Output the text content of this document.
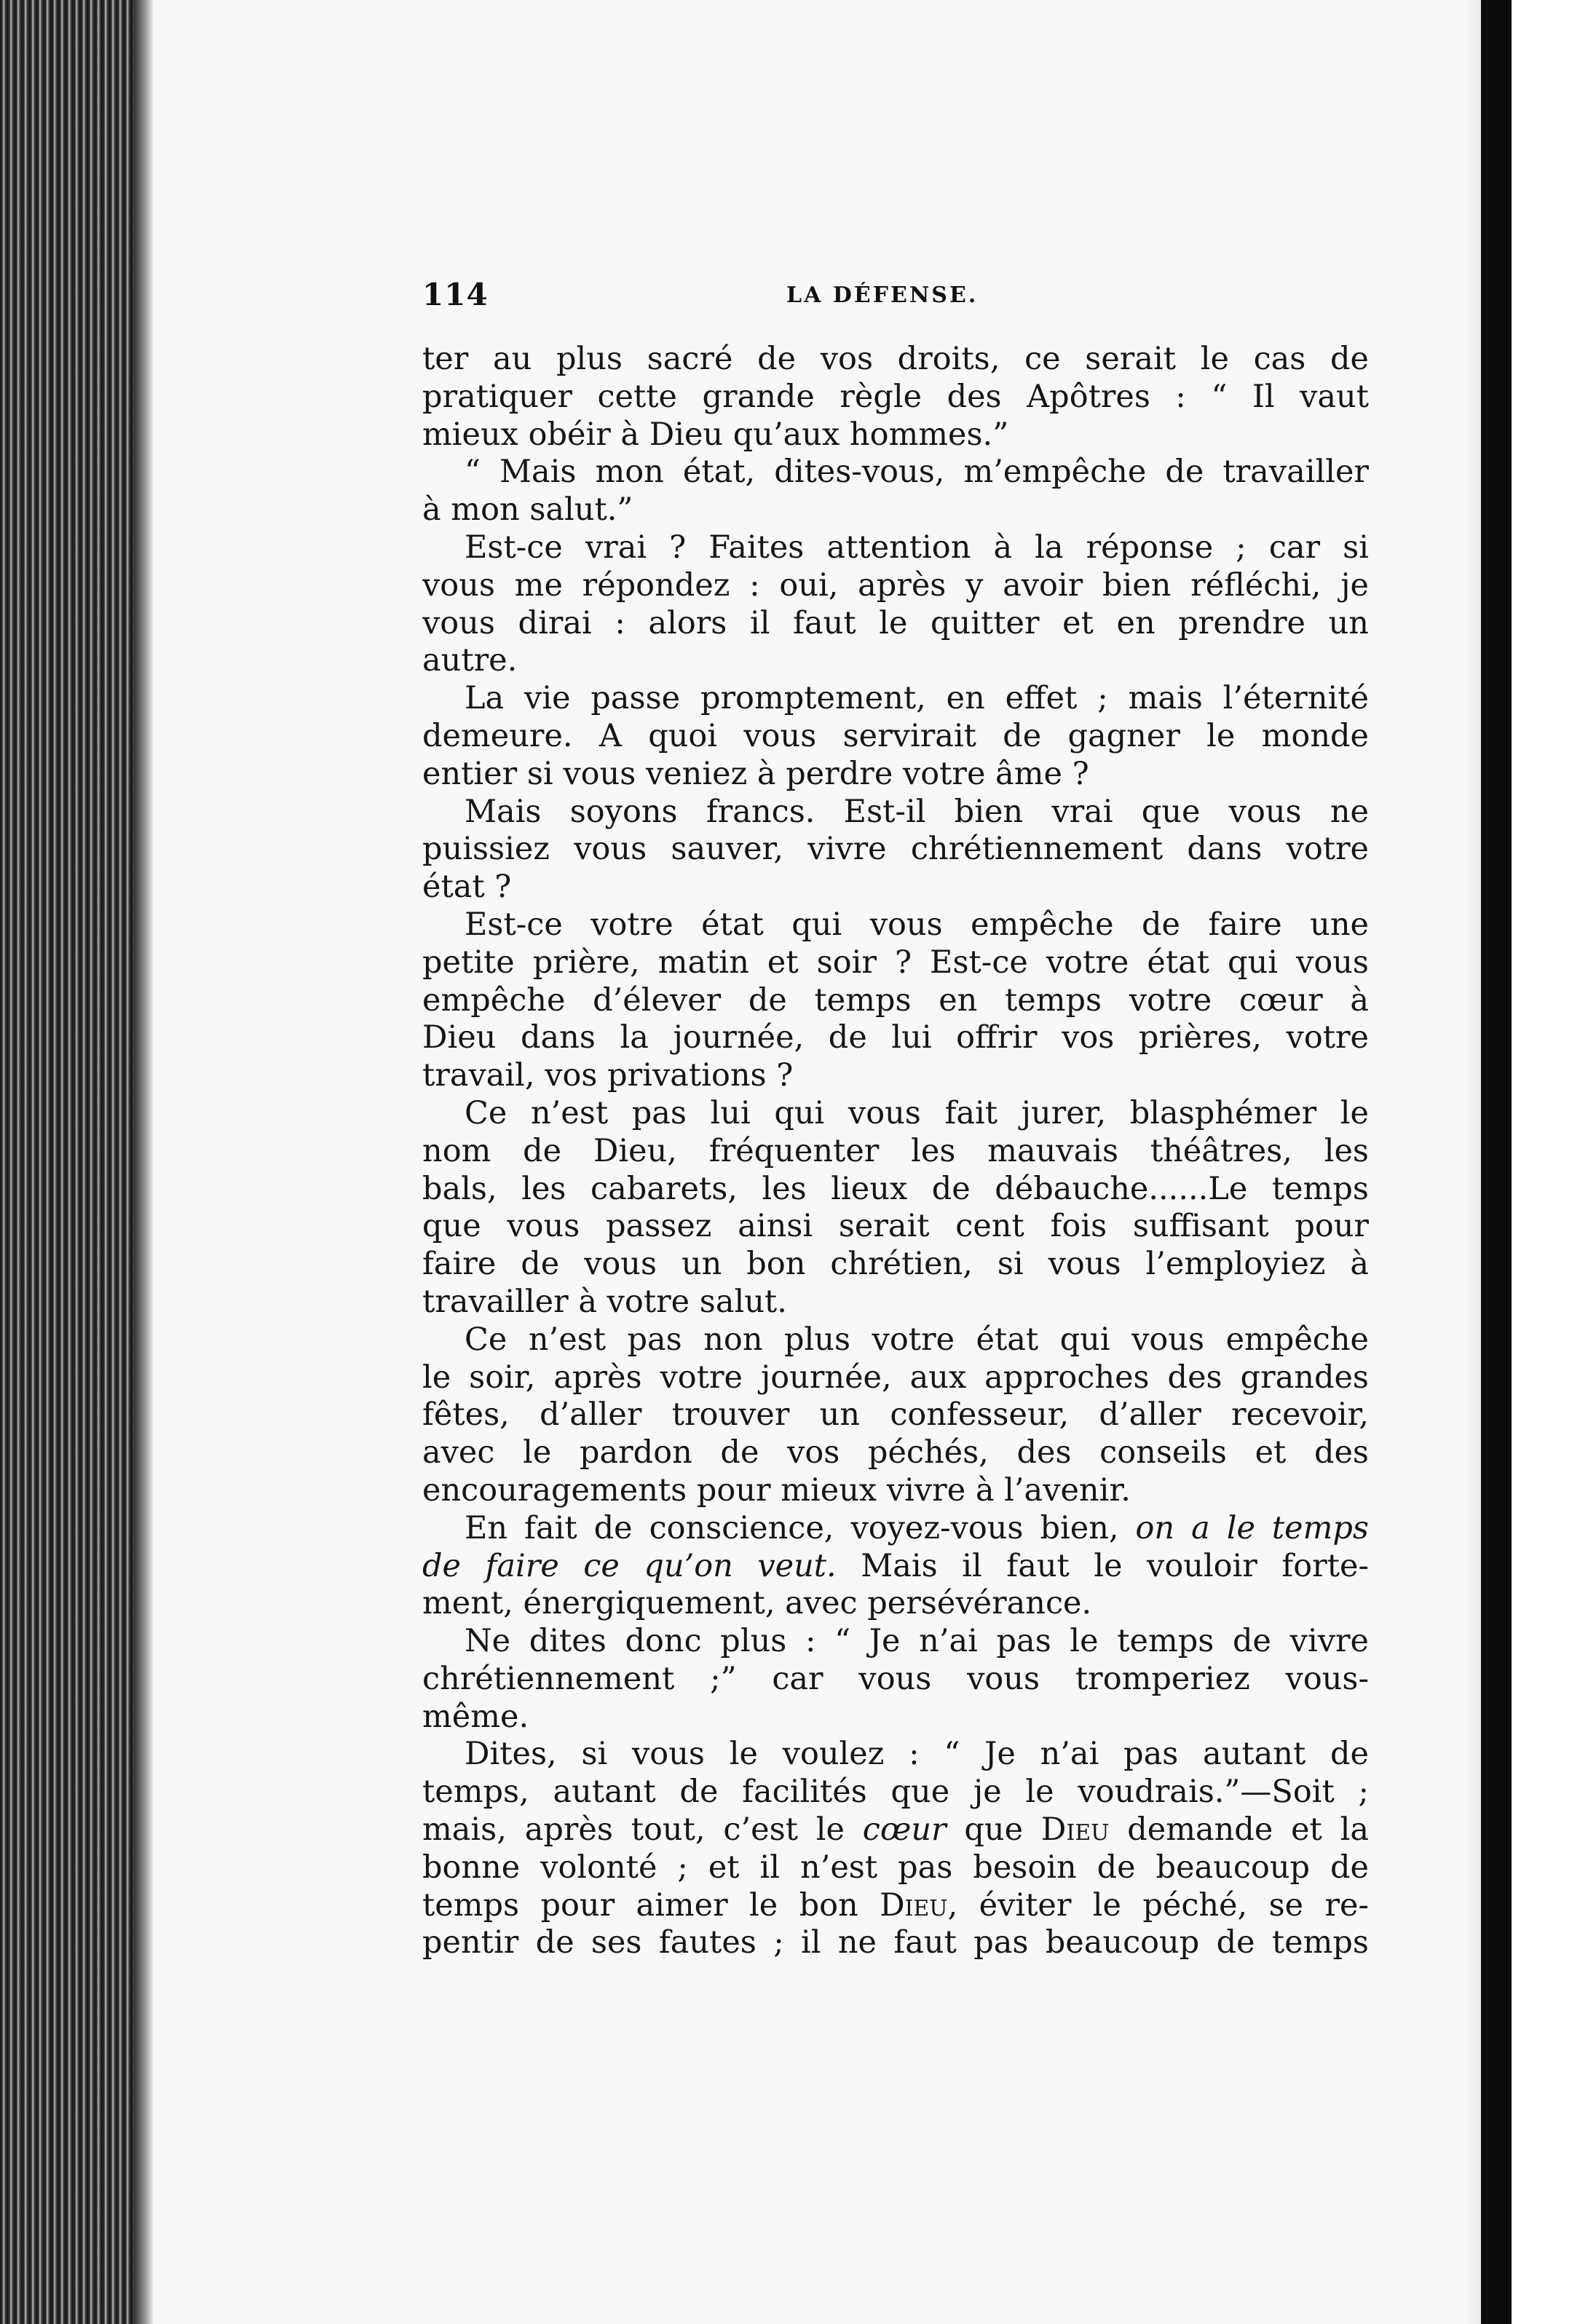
114	LA DÉFENSE.
ter au plus sacré de vos droits, ce serait le cas de
pratiquer cette grande règle des Apôtres : “ Il vaut
mieux obéir à Dieu qu’aux hommes.”
“ Mais mon état, dites-vous, m’empêche de travailler
à mon salut.”
Est-ce vrai ? Faites attention à la réponse ; car si
vous me répondez : oui, après y avoir bien réfléchi, je
vous dirai : alors il faut le quitter et en prendre un
autre.
La vie passe promptement, en effet ; mais l’éternité
demeure. A quoi vous servirait de gagner le monde
entier si vous veniez à perdre votre âme ?
Mais soyons francs. Est-il bien vrai que vous ne
puissiez vous sauver, vivre chrétiennement dans votre
état ?
Est-ce votre état qui vous empêche de faire une
petite prière, matin et soir ? Est-ce votre état qui vous
empêche d’élever de temps en temps votre cœur à
Dieu dans la journée, de lui offrir vos prières, votre
travail, vos privations ?
Ce n’est pas lui qui vous fait jurer, blasphémer le
nom de Dieu, fréquenter les mauvais théâtres, les
bals, les cabarets, les lieux de débauche......Le temps
que vous passez ainsi serait cent fois suffisant pour
faire de vous un bon chrétien, si vous l’employiez à
travailler à votre salut.
Ce n’est pas non plus votre état qui vous empêche
le soir, après votre journée, aux approches des grandes
fêtes, d’aller trouver un confesseur, d’aller recevoir,
avec le pardon de vos péchés, des conseils et des
encouragements pour mieux vivre à l’avenir.
En fait de conscience, voyez-vous bien, on a le temps
de faire ce qu’on veut. Mais il faut le vouloir forte-
ment, énergiquement, avec persévérance.
Ne dites donc plus : “ Je n’ai pas le temps de vivre
chrétiennement ;” car vous vous tromperiez vous-
même.
Dites, si vous le voulez : “ Je n’ai pas autant de
temps, autant de facilités que je le voudrais.”—Soit ;
mais, après tout, c’est le cœur que Dieu demande et la
bonne volonté ; et il n’est pas besoin de beaucoup de
temps pour aimer le bon Dieu, éviter le péché, se re-
pentir de ses fautes ; il ne faut pas beaucoup de temps
